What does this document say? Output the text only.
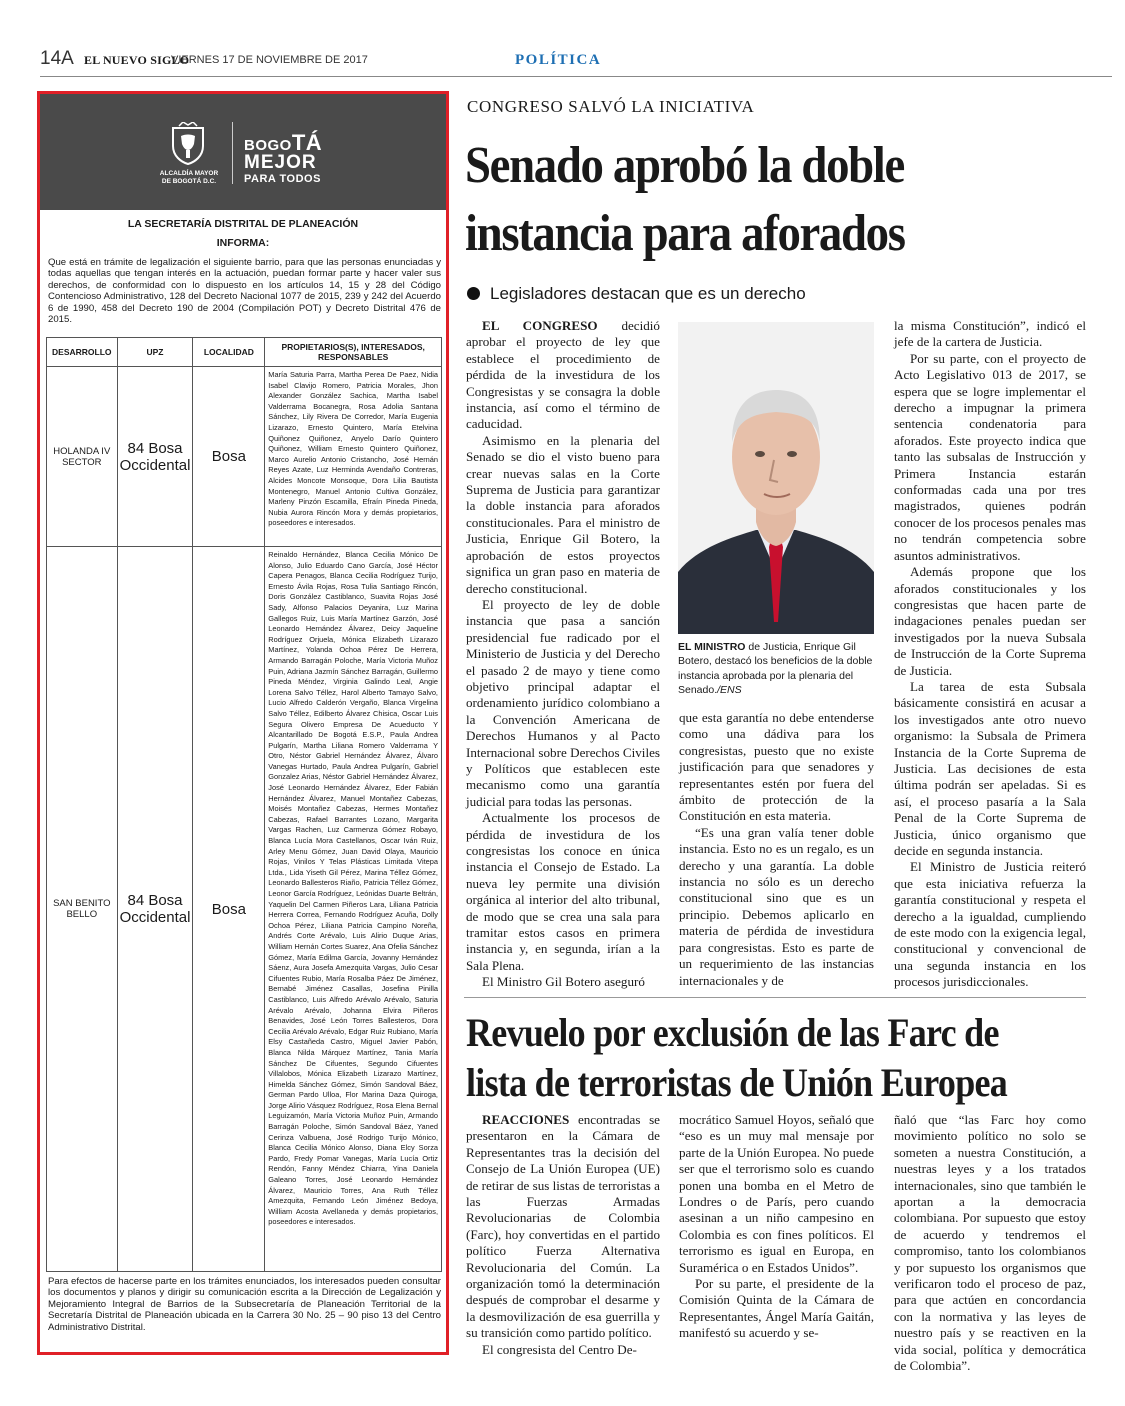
14A EL NUEVO SIGLO
VIERNES 17 DE NOVIEMBRE DE 2017	POLÍTICA
ALCALDÍA MAYOR
DE BOGOTÁ D.C.
BOGOTÁ
MEJOR
PARA TODOS
LA SECRETARÍA DISTRITAL DE PLANEACIÓN
INFORMA:
Que está en trámite de legalización el siguiente barrio, para que las personas enunciadas y todas aquellas que tengan interés en la actuación, puedan formar parte y hacer valer sus derechos, de conformidad con lo dispuesto en los artículos 14, 15 y 28 del Código Contencioso Administrativo, 128 del Decreto Nacional 1077 de 2015, 239 y 242 del Acuerdo 6 de 1990, 458 del Decreto 190 de 2004 (Compilación POT) y Decreto Distrital 476 de 2015.
DESARROLLO	UPZ	LOCALIDAD	PROPIETARIOS(S), INTERESADOS, RESPONSABLES
HOLANDA IV SECTOR	84 Bosa Occidental	Bosa	María Saturia Parra, Martha Perea De Paez, Nidia Isabel Clavijo Romero, Patricia Morales, Jhon Alexander González Sachica, Martha Isabel Valderrama Bocanegra, Rosa Adolia Santana Sánchez, Lily Rivera De Corredor, María Eugenia Lizarazo, Ernesto Quintero, María Etelvina Quiñonez Quiñonez, Anyelo Darío Quintero Quiñonez, William Ernesto Quintero Quiñonez, Marco Aurelio Antonio Cristancho, José Hernán Reyes Azate, Luz Herminda Avendaño Contreras, Alcides Moncote Monsoque, Dora Lilia Bautista Montenegro, Manuel Antonio Cultiva González, Marleny Pinzón Escamilla, Efraín Pineda Pineda, Nubia Aurora Rincón Mora y demás propietarios, poseedores e interesados.
SAN BENITO BELLO	84 Bosa Occidental	Bosa	Reinaldo Hernández, Blanca Cecilia Mónico De Alonso, Julio Eduardo Cano García, José Héctor Capera Penagos, Blanca Cecilia Rodríguez Turijo, Ernesto Ávila Rojas, Rosa Tulia Santiago Rincón, Doris González Castiblanco, Suavita Rojas José Sady, Alfonso Palacios Deyanira, Luz Marina Gallegos Ruiz, Luis María Martínez Garzón, José Leonardo Hernández Álvarez, Deicy Jaqueline Rodríguez Orjuela, Mónica Elizabeth Lizarazo Martínez, Yolanda Ochoa Pérez De Herrera, Armando Barragán Poloche, María Victoria Muñoz Puin, Adriana Jazmín Sánchez Barragán, Guillermo Pineda Méndez, Virginia Galindo Leal, Angie Lorena Salvo Téllez, Harol Alberto Tamayo Salvo, Lucio Alfredo Calderón Vergaño, Blanca Virgelina Salvo Téllez, Edilberto Álvarez Chisica, Oscar Luis Segura Olivero Empresa De Acueducto Y Alcantarillado De Bogotá E.S.P., Paula Andrea Pulgarín, Martha Liliana Romero Valderrama Y Otro, Néstor Gabriel Hernández Álvarez, Álvaro Vanegas Hurtado, Paula Andrea Pulgarín, Gabriel Gonzalez Arias, Néstor Gabriel Hernández Álvarez, José Leonardo Hernández Álvarez, Eder Fabián Hernández Álvarez, Manuel Montañez Cabezas, Moisés Montañez Cabezas, Hermes Montañez Cabezas, Rafael Barrantes Lozano, Margarita Vargas Rachen, Luz Carmenza Gómez Robayo, Blanca Lucía Mora Castellanos, Oscar Iván Ruiz, Arley Menu Gómez, Juan David Olaya, Mauricio Rojas, Vinilos Y Telas Plásticas Limitada Vitepa Ltda., Lida Yiseth Gil Pérez, Marina Téllez Gómez, Leonardo Ballesteros Riaño, Patricia Téllez Gómez, Leonor García Rodríguez, Leónidas Duarte Beltrán, Yaquelin Del Carmen Piñeros Lara, Liliana Patricia Herrera Correa, Fernando Rodríguez Acuña, Dolly Ochoa Pérez, Liliana Patricia Campino Noreña, Andrés Corte Arévalo, Luis Alirio Duque Arias, William Hernán Cortes Suarez, Ana Ofelia Sánchez Gómez, María Edilma García, Jovanny Hernández Sáenz, Aura Josefa Amezquita Vargas, Julio Cesar Cifuentes Rubio, María Rosalba Páez De Jiménez, Bernabé Jiménez Casallas, Josefina Pinilla Castiblanco, Luis Alfredo Arévalo Arévalo, Saturia Arévalo Arévalo, Johanna Elvira Piñeros Benavides, José León Torres Ballesteros, Dora Cecilia Arévalo Arévalo, Edgar Ruiz Rubiano, María Elsy Castañeda Castro, Miguel Javier Pabón, Blanca Nilda Márquez Martínez, Tania María Sánchez De Cifuentes, Segundo Cifuentes Villalobos, Mónica Elizabeth Lizarazo Martínez, Himelda Sánchez Gómez, Simón Sandoval Báez, German Pardo Ulloa, Flor Marina Daza Quiroga, Jorge Alirio Vásquez Rodríguez, Rosa Elena Bernal Leguizamón, María Victoria Muñoz Puin, Armando Barragán Poloche, Simón Sandoval Báez, Yaned Cerinza Valbuena, José Rodrigo Turijo Mónico, Blanca Cecilia Mónico Alonso, Diana Elcy Sorza Pardo, Fredy Pomar Vanegas, María Lucía Ortiz Rendón, Fanny Méndez Chiarra, Yina Daniela Galeano Torres, José Leonardo Hernández Álvarez, Mauricio Torres, Ana Ruth Téllez Amezquita, Fernando León Jiménez Bedoya, William Acosta Avellaneda y demás propietarios, poseedores e interesados.
Para efectos de hacerse parte en los trámites enunciados, los interesados pueden consultar los documentos y planos y dirigir su comunicación escrita a la Dirección de Legalización y Mejoramiento Integral de Barrios de la Subsecretaría de Planeación Territorial de la Secretaría Distrital de Planeación ubicada en la Carrera 30 No. 25 – 90 piso 13 del Centro Administrativo Distrital.
CONGRESO SALVÓ LA INICIATIVA
Senado aprobó la doble instancia para aforados
Legisladores destacan que es un derecho

EL CONGRESO decidió aprobar el proyecto de ley que establece el procedimiento de pérdida de la investidura de los Congresistas y se consagra la doble instancia, así como el término de caducidad.

Asimismo en la plenaria del Senado se dio el visto bueno para crear nuevas salas en la Corte Suprema de Justicia para garantizar la doble instancia para aforados constitucionales. Para el ministro de Justicia, Enrique Gil Botero, la aprobación de estos proyectos significa un gran paso en materia de derecho constitucional.

El proyecto de ley de doble instancia que pasa a sanción presidencial fue radicado por el Ministerio de Justicia y del Derecho el pasado 2 de mayo y tiene como objetivo principal adaptar el ordenamiento jurídico colombiano a la Convención Americana de Derechos Humanos y al Pacto Internacional sobre Derechos Civiles y Políticos que establecen este mecanismo como una garantía judicial para todas las personas.

Actualmente los procesos de pérdida de investidura de los congresistas los conoce en única instancia el Consejo de Estado. La nueva ley permite una división orgánica al interior del alto tribunal, de modo que se crea una sala para tramitar estos casos en primera instancia y, en segunda, irían a la Sala Plena.

El Ministro Gil Botero aseguró

EL MINISTRO de Justicia, Enrique Gil Botero, destacó los beneficios de la doble instancia aprobada por la plenaria del Senado./ENS

que esta garantía no debe entenderse como una dádiva para los congresistas, puesto que no existe justificación para que senadores y representantes estén por fuera del ámbito de protección de la Constitución en esta materia.

“Es una gran valía tener doble instancia. Esto no es un regalo, es un derecho y una garantía. La doble instancia no sólo es un derecho constitucional sino que es un principio. Debemos aplicarlo en materia de pérdida de investidura para congresistas. Esto es parte de un requerimiento de las instancias internacionales y de

la misma Constitución”, indicó el jefe de la cartera de Justicia.

Por su parte, con el proyecto de Acto Legislativo 013 de 2017, se espera que se logre implementar el derecho a impugnar la primera sentencia condenatoria para aforados. Este proyecto indica que tanto las subsalas de Instrucción y Primera Instancia estarán conformadas cada una por tres magistrados, quienes podrán conocer de los procesos penales mas no tendrán competencia sobre asuntos administrativos.

Además propone que los aforados constitucionales y los congresistas que hacen parte de indagaciones penales puedan ser investigados por la nueva Subsala de Instrucción de la Corte Suprema de Justicia.

La tarea de esta Subsala básicamente consistirá en acusar a los investigados ante otro nuevo organismo: la Subsala de Primera Instancia de la Corte Suprema de Justicia. Las decisiones de esta última podrán ser apeladas. Si es así, el proceso pasaría a la Sala Penal de la Corte Suprema de Justicia, único organismo que decide en segunda instancia.

El Ministro de Justicia reiteró que esta iniciativa refuerza la garantía constitucional y respeta el derecho a la igualdad, cumpliendo de este modo con la exigencia legal, constitucional y convencional de una segunda instancia en los procesos jurisdiccionales.

Revuelo por exclusión de las Farc de lista de terroristas de Unión Europea

REACCIONES encontradas se presentaron en la Cámara de Representantes tras la decisión del Consejo de La Unión Europea (UE) de retirar de sus listas de terroristas a las Fuerzas Armadas Revolucionarias de Colombia (Farc), hoy convertidas en el partido político Fuerza Alternativa Revolucionaria del Común. La organización tomó la determinación después de comprobar el desarme y la desmovilización de esa guerrilla y su transición como partido político.

El congresista del Centro De-

mocrático Samuel Hoyos, señaló que “eso es un muy mal mensaje por parte de la Unión Europea. No puede ser que el terrorismo solo es cuando ponen una bomba en el Metro de Londres o de París, pero cuando asesinan a un niño campesino en Colombia es con fines políticos. El terrorismo es igual en Europa, en Suramérica o en Estados Unidos”.

Por su parte, el presidente de la Comisión Quinta de la Cámara de Representantes, Ángel María Gaitán, manifestó su acuerdo y se-

ñaló que “las Farc hoy como movimiento político no solo se someten a nuestra Constitución, a nuestras leyes y a los tratados internacionales, sino que también le aportan a la democracia colombiana. Por supuesto que estoy de acuerdo y tendremos el compromiso, tanto los colombianos y por supuesto los organismos que verificaron todo el proceso de paz, para que actúen en concordancia con la normativa y las leyes de nuestro país y se reactiven en la vida social, política y democrática de Colombia”.
